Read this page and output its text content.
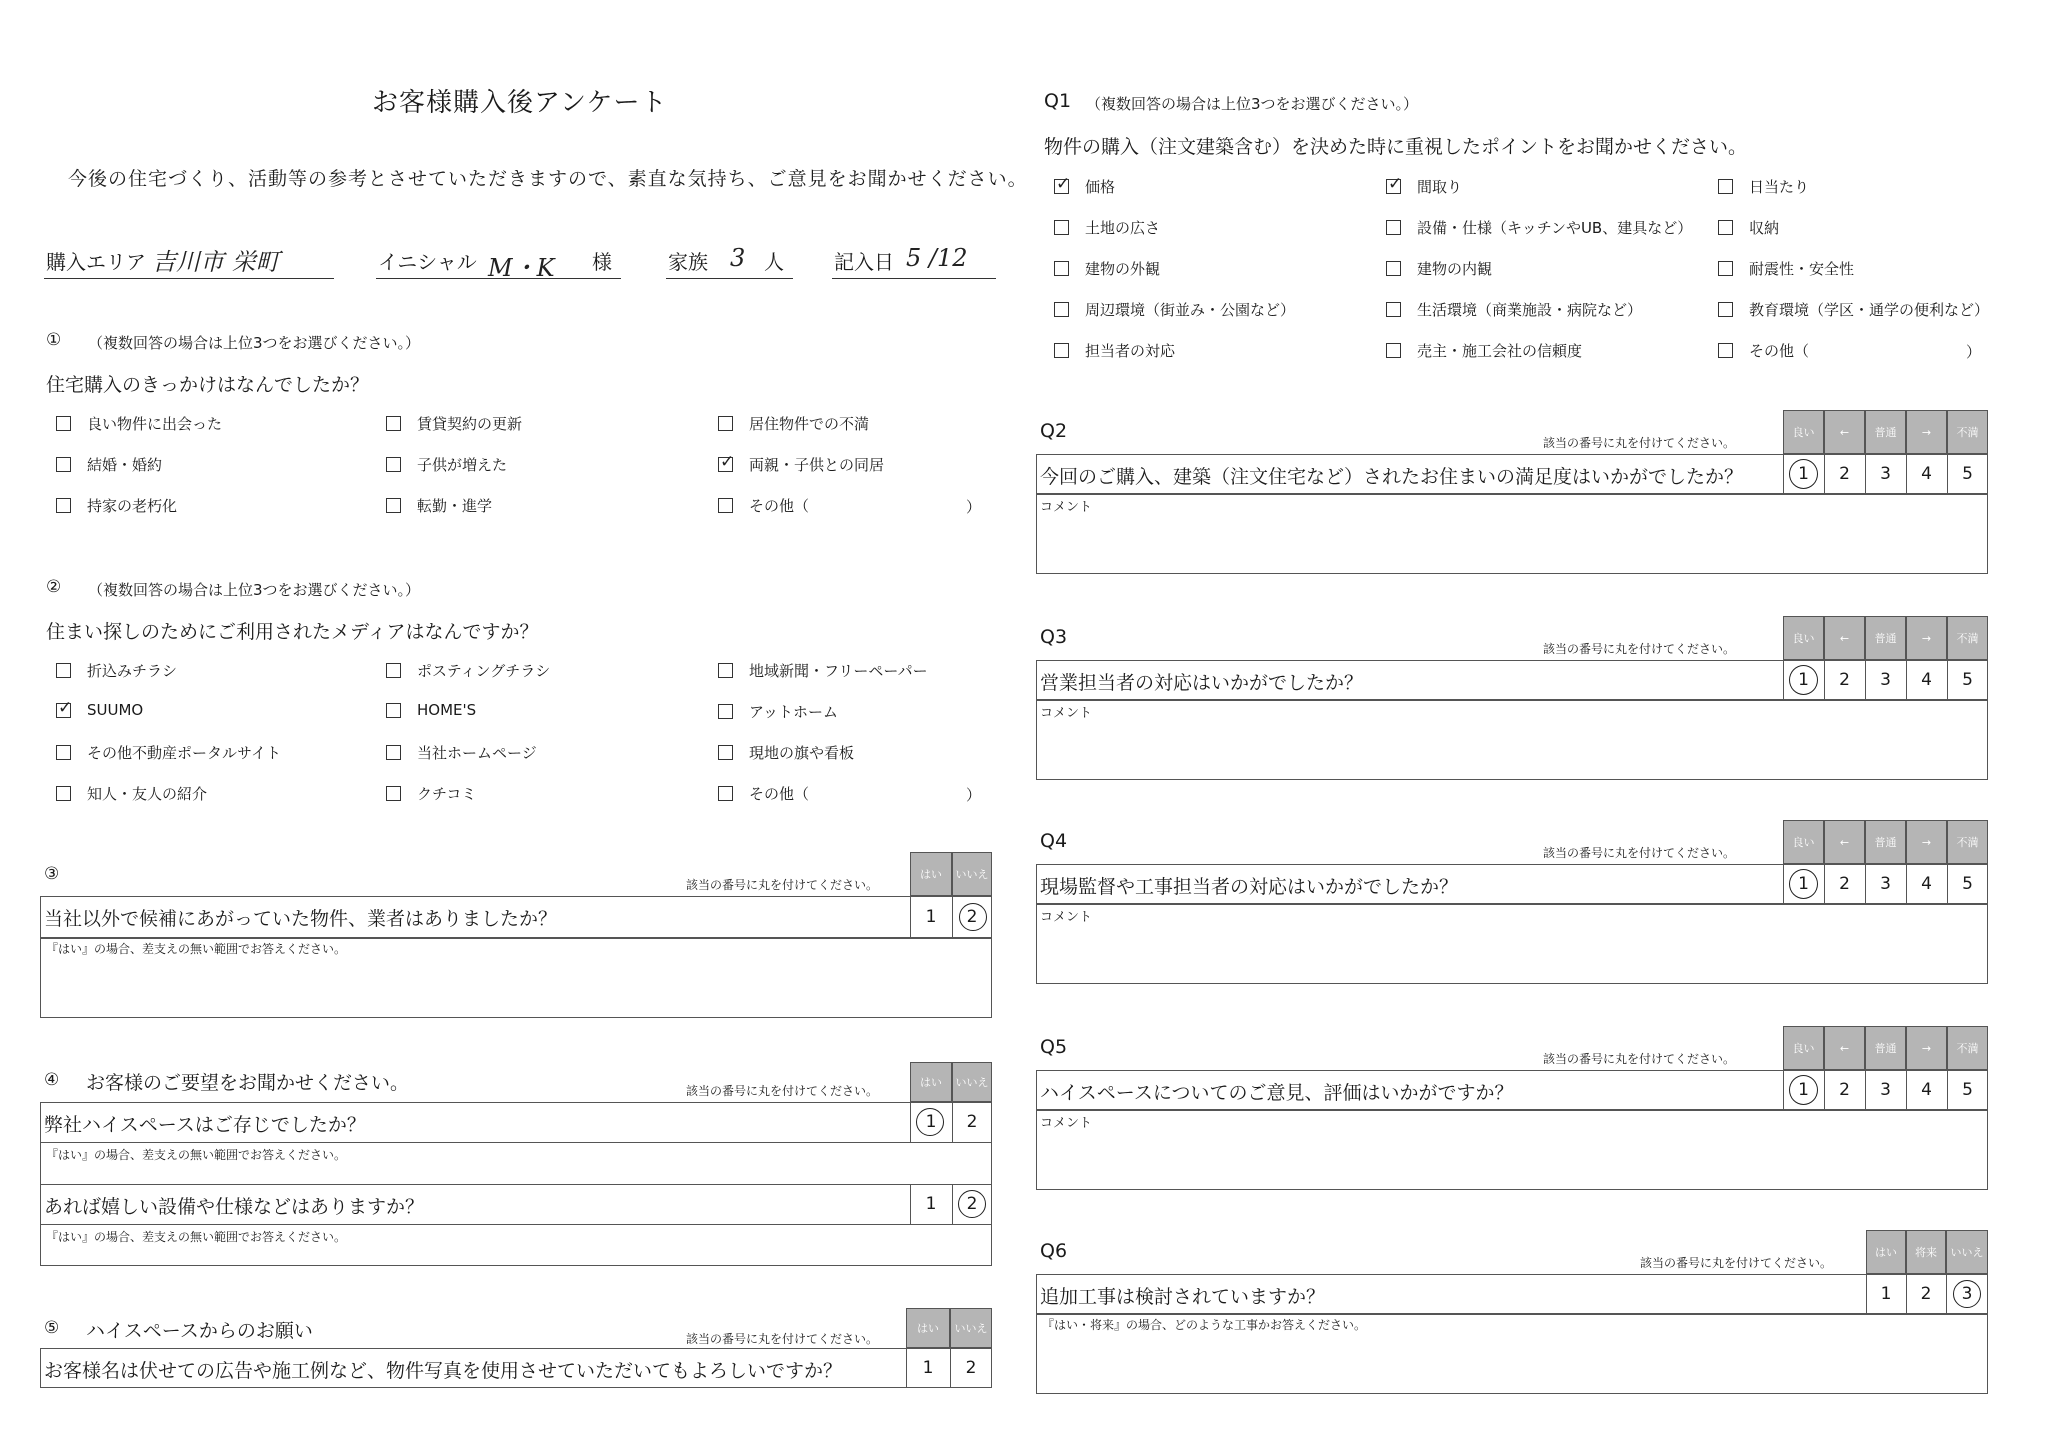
お客様購入後アンケート
今後の住宅づくり、活動等の参考とさせていただきますので、素直な気持ち、ご意見をお聞かせください。
購入エリア 吉川市 栄町	イニシャル M・K 様	家族 3 人	記入日 5 /12
① （複数回答の場合は上位3つをお選びください。）
住宅購入のきっかけはなんでしたか？
良い物件に出会った	賃貸契約の更新	居住物件での不満
結婚・婚約	子供が増えた ✓	両親・子供との同居
持家の老朽化	転勤・進学	その他（	）
② （複数回答の場合は上位3つをお選びください。）
住まい探しのためにご利用されたメディアはなんですか？
折込みチラシ	ポスティングチラシ	地域新聞・フリーペーパー
✓
SUUMO	HOME'S	アットホーム
その他不動産ポータルサイト	当社ホームページ	現地の旗や看板
知人・友人の紹介	クチコミ	その他（	）
③
該当の番号に丸を付けてください。
はい	いいえ
当社以外で候補にあがっていた物件、業者はありましたか？	1	2
『はい』の場合、差支えの無い範囲でお答えください。
④ お客様のご要望をお聞かせください。	該当の番号に丸を付けてください。
はい	いいえ
弊社ハイスペースはご存じでしたか？	1	2
『はい』の場合、差支えの無い範囲でお答えください。
あれば嬉しい設備や仕様などはありますか？	1	2
『はい』の場合、差支えの無い範囲でお答えください。
⑤ ハイスペースからのお願い	該当の番号に丸を付けてください。
はい	いいえ
お客様名は伏せての広告や施工例など、物件写真を使用させていただいてもよろしいですか？	1	2
Q1 （複数回答の場合は上位3つをお選びください。）
物件の購入（注文建築含む）を決めた時に重視したポイントをお聞かせください。
✓
価格 ✓	間取り	日当たり
土地の広さ	設備・仕様（キッチンやUB、建具など）	収納
建物の外観	建物の内観	耐震性・安全性
周辺環境（街並み・公園など）	生活環境（商業施設・病院など）	教育環境（学区・通学の便利など）
担当者の対応	売主・施工会社の信頼度	その他（	）
Q2
該当の番号に丸を付けてください。
良い	←	普通	→	不満
今回のご購入、建築（注文住宅など）されたお住まいの満足度はいかがでしたか？	1	2	3	4	5
コメント
Q3
該当の番号に丸を付けてください。
良い	←	普通	→	不満
営業担当者の対応はいかがでしたか？	1	2	3	4	5
コメント
Q4
該当の番号に丸を付けてください。
良い	←	普通	→	不満
現場監督や工事担当者の対応はいかがでしたか？	1	2	3	4	5
コメント
Q5
該当の番号に丸を付けてください。
良い	←	普通	→	不満
ハイスペースについてのご意見、評価はいかがですか？	1	2	3	4	5
コメント
Q6
該当の番号に丸を付けてください。
はい	将来	いいえ
追加工事は検討されていますか？	1	2	3
『はい・将来』の場合、どのような工事かお答えください。
